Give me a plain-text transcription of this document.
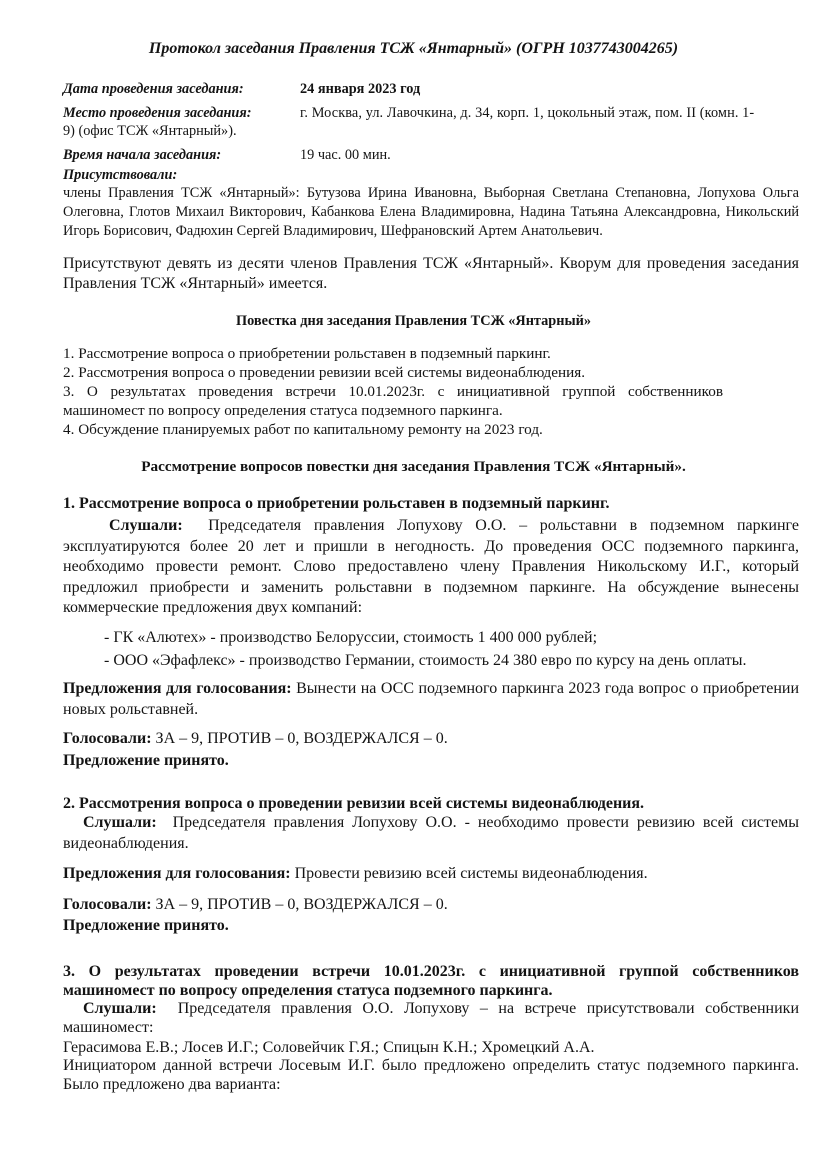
Протокол заседания Правления ТСЖ «Янтарный» (ОГРН 1037743004265)
Дата проведения заседания:	24 января 2023 год
Место проведения заседания:	г. Москва, ул. Лавочкина, д. 34, корп. 1, цокольный этаж, пом. II (комн. 1-
9) (офис ТСЖ «Янтарный»).
Время начала заседания:	19 час. 00 мин.
Присутствовали:
члены Правления ТСЖ «Янтарный»: Бутузова Ирина Ивановна, Выборная Светлана Степановна, Лопухова Ольга Олеговна, Глотов Михаил Викторович, Кабанкова Елена Владимировна, Надина Татьяна Александровна, Никольский Игорь Борисович, Фадюхин Сергей Владимирович, Шефрановский Артем Анатольевич.
Присутствуют девять из десяти членов Правления ТСЖ «Янтарный». Кворум для проведения заседания Правления ТСЖ «Янтарный» имеется.
Повестка дня заседания Правления ТСЖ «Янтарный»
1. Рассмотрение вопроса о приобретении рольставен в подземный паркинг.
2. Рассмотрения вопроса о проведении ревизии всей системы видеонаблюдения.
3. О результатах проведения встречи 10.01.2023г. с инициативной группой собственников машиномест по вопросу определения статуса подземного паркинга.
4. Обсуждение планируемых работ по капитальному ремонту на 2023 год.
Рассмотрение вопросов повестки дня заседания Правления ТСЖ «Янтарный».
1. Рассмотрение вопроса о приобретении рольставен в подземный паркинг.
Слушали: Председателя правления Лопухову О.О. – рольставни в подземном паркинге эксплуатируются более 20 лет и пришли в негодность. До проведения ОСС подземного паркинга, необходимо провести ремонт. Слово предоставлено члену Правления Никольскому И.Г., который предложил приобрести и заменить рольставни в подземном паркинге. На обсуждение вынесены коммерческие предложения двух компаний:
- ГК «Алютех» - производство Белоруссии, стоимость 1 400 000 рублей;
- ООО «Эфафлекс» - производство Германии, стоимость 24 380 евро по курсу на день оплаты.
Предложения для голосования: Вынести на ОСС подземного паркинга 2023 года вопрос о приобретении новых рольставней.
Голосовали: ЗА – 9, ПРОТИВ – 0, ВОЗДЕРЖАЛСЯ – 0.
Предложение принято.
2. Рассмотрения вопроса о проведении ревизии всей системы видеонаблюдения.
Слушали: Председателя правления Лопухову О.О. - необходимо провести ревизию всей системы видеонаблюдения.
Предложения для голосования: Провести ревизию всей системы видеонаблюдения.
Голосовали: ЗА – 9, ПРОТИВ – 0, ВОЗДЕРЖАЛСЯ – 0.
Предложение принято.
3. О результатах проведении встречи 10.01.2023г. с инициативной группой собственников машиномест по вопросу определения статуса подземного паркинга.
Слушали: Председателя правления О.О. Лопухову – на встрече присутствовали собственники машиномест:
Герасимова Е.В.; Лосев И.Г.; Соловейчик Г.Я.; Спицын К.Н.; Хромецкий А.А.
Инициатором данной встречи Лосевым И.Г. было предложено определить статус подземного паркинга. Было предложено два варианта:
